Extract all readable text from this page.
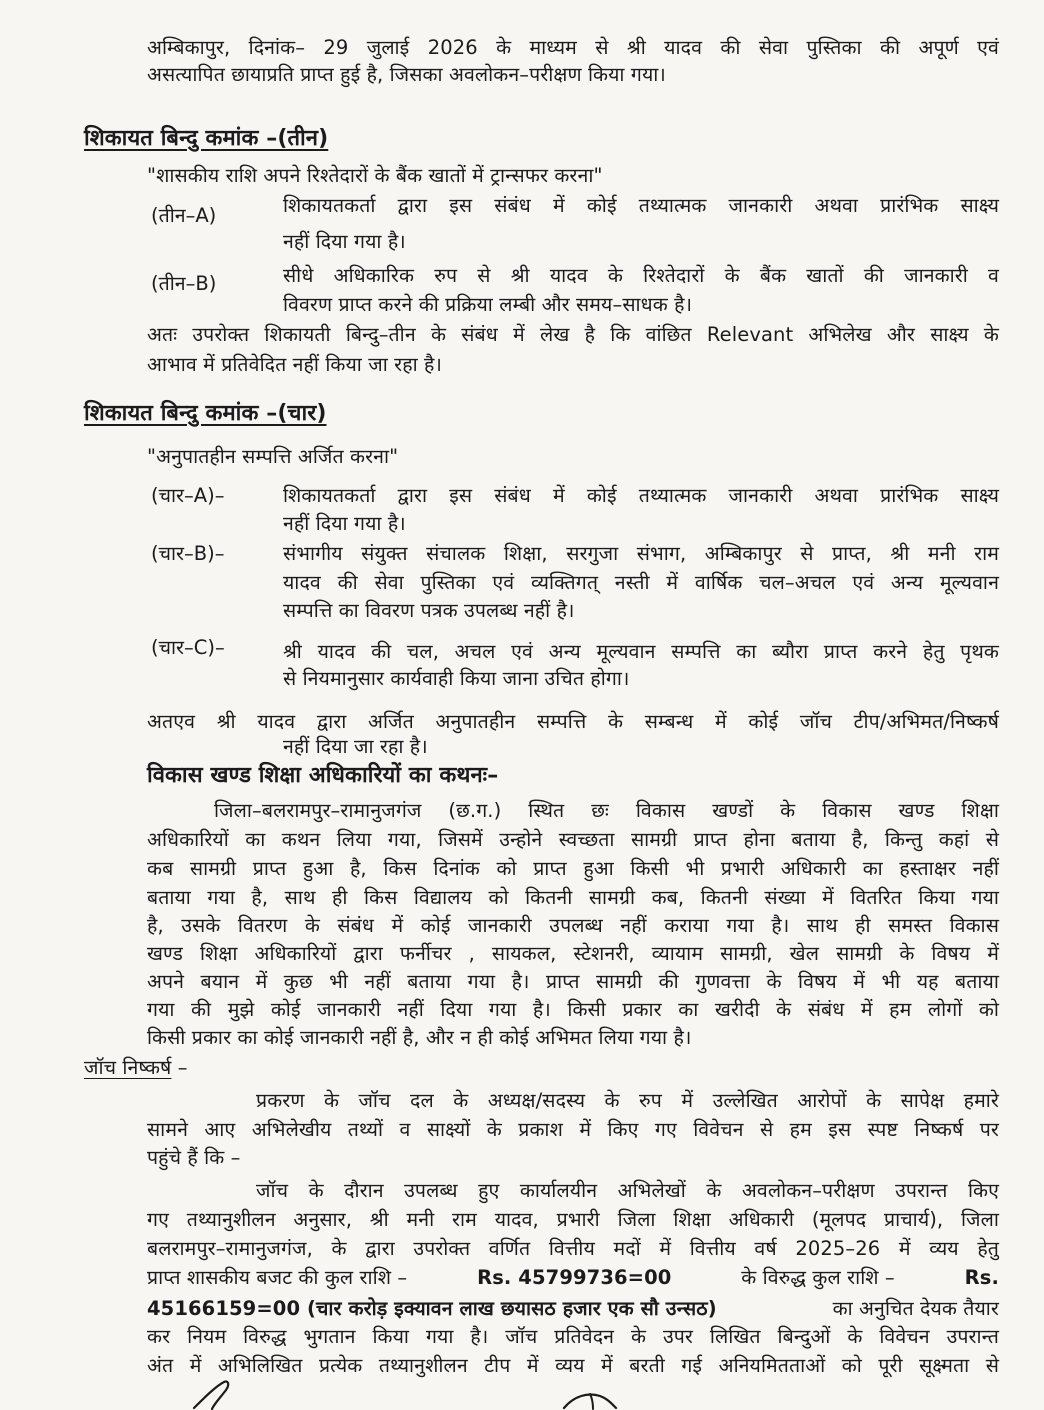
अम्बिकापुर, दिनांक– 29 जुलाई 2026 के माध्यम से श्री यादव की सेवा पुस्तिका की अपूर्ण एवं
असत्यापित छायाप्रति प्राप्त हुई है, जिसका अवलोकन–परीक्षण किया गया।
शिकायत बिन्दु कमांक –(तीन)
"शासकीय राशि अपने रिश्तेदारों के बैंक खातों में ट्रान्सफर करना"
(तीन–A)	शिकायतकर्ता द्वारा इस संबंध में कोई तथ्यात्मक जानकारी अथवा प्रारंभिक साक्ष्य
नहीं दिया गया है।
(तीन–B)	सीधे अधिकारिक रुप से श्री यादव के रिश्तेदारों के बैंक खातों की जानकारी व
विवरण प्राप्त करने की प्रक्रिया लम्बी और समय–साधक है।
अतः उपरोक्त शिकायती बिन्दु–तीन के संबंध में लेख है कि वांछित Relevant अभिलेख और साक्ष्य के
आभाव में प्रतिवेदित नहीं किया जा रहा है।
शिकायत बिन्दु कमांक –(चार)
"अनुपातहीन सम्पत्ति अर्जित करना"
(चार–A)–	शिकायतकर्ता द्वारा इस संबंध में कोई तथ्यात्मक जानकारी अथवा प्रारंभिक साक्ष्य
नहीं दिया गया है।
(चार–B)–	संभागीय संयुक्त संचालक शिक्षा, सरगुजा संभाग, अम्बिकापुर से प्राप्त, श्री मनी राम
यादव की सेवा पुस्तिका एवं व्यक्तिगत् नस्ती में वार्षिक चल–अचल एवं अन्य मूल्यवान
सम्पत्ति का विवरण पत्रक उपलब्ध नहीं है।
(चार–C)–	श्री यादव की चल, अचल एवं अन्य मूल्यवान सम्पत्ति का ब्यौरा प्राप्त करने हेतु पृथक
से नियमानुसार कार्यवाही किया जाना उचित होगा।
अतएव श्री यादव द्वारा अर्जित अनुपातहीन सम्पत्ति के सम्बन्ध में कोई जॉच टीप/अभिमत/निष्कर्ष
नहीं दिया जा रहा है।
विकास खण्ड शिक्षा अधिकारियों का कथनः–
जिला–बलरामपुर–रामानुजगंज (छ.ग.) स्थित छः विकास खण्डों के विकास खण्ड शिक्षा
अधिकारियों का कथन लिया गया, जिसमें उन्होने स्वच्छता सामग्री प्राप्त होना बताया है, किन्तु कहां से
कब सामग्री प्राप्त हुआ है, किस दिनांक को प्राप्त हुआ किसी भी प्रभारी अधिकारी का हस्ताक्षर नहीं
बताया गया है, साथ ही किस विद्यालय को कितनी सामग्री कब, कितनी संख्या में वितरित किया गया
है, उसके वितरण के संबंध में कोई जानकारी उपलब्ध नहीं कराया गया है। साथ ही समस्त विकास
खण्ड शिक्षा अधिकारियों द्वारा फर्नीचर , सायकल, स्टेशनरी, व्यायाम सामग्री, खेल सामग्री के विषय में
अपने बयान में कुछ भी नहीं बताया गया है। प्राप्त सामग्री की गुणवत्ता के विषय में भी यह बताया
गया की मुझे कोई जानकारी नहीं दिया गया है। किसी प्रकार का खरीदी के संबंध में हम लोगों को
किसी प्रकार का कोई जानकारी नहीं है, और न ही कोई अभिमत लिया गया है।
जॉच निष्कर्ष –
प्रकरण के जॉच दल के अध्यक्ष/सदस्य के रुप में उल्लेखित आरोपों के सापेक्ष हमारे
सामने आए अभिलेखीय तथ्यों व साक्ष्यों के प्रकाश में किए गए विवेचन से हम इस स्पष्ट निष्कर्ष पर
पहुंचे हैं कि –
जॉच के दौरान उपलब्ध हुए कार्यालयीन अभिलेखों के अवलोकन–परीक्षण उपरान्त किए
गए तथ्यानुशीलन अनुसार, श्री मनी राम यादव, प्रभारी जिला शिक्षा अधिकारी (मूलपद प्राचार्य), जिला
बलरामपुर–रामानुजगंज, के द्वारा उपरोक्त वर्णित वित्तीय मदों में वित्तीय वर्ष 2025–26 में व्यय हेतु
प्राप्त शासकीय बजट की कुल राशि –	Rs. 45799736=00	के विरुद्ध कुल राशि –	Rs.
45166159=00 (चार करोड़ इक्यावन लाख छयासठ हजार एक सौ उन्सठ)	का अनुचित देयक तैयार
कर नियम विरुद्ध भुगतान किया गया है। जॉच प्रतिवेदन के उपर लिखित बिन्दुओं के विवेचन उपरान्त
अंत में अभिलिखित प्रत्येक तथ्यानुशीलन टीप में व्यय में बरती गई अनियमितताओं को पूरी सूक्ष्मता से
